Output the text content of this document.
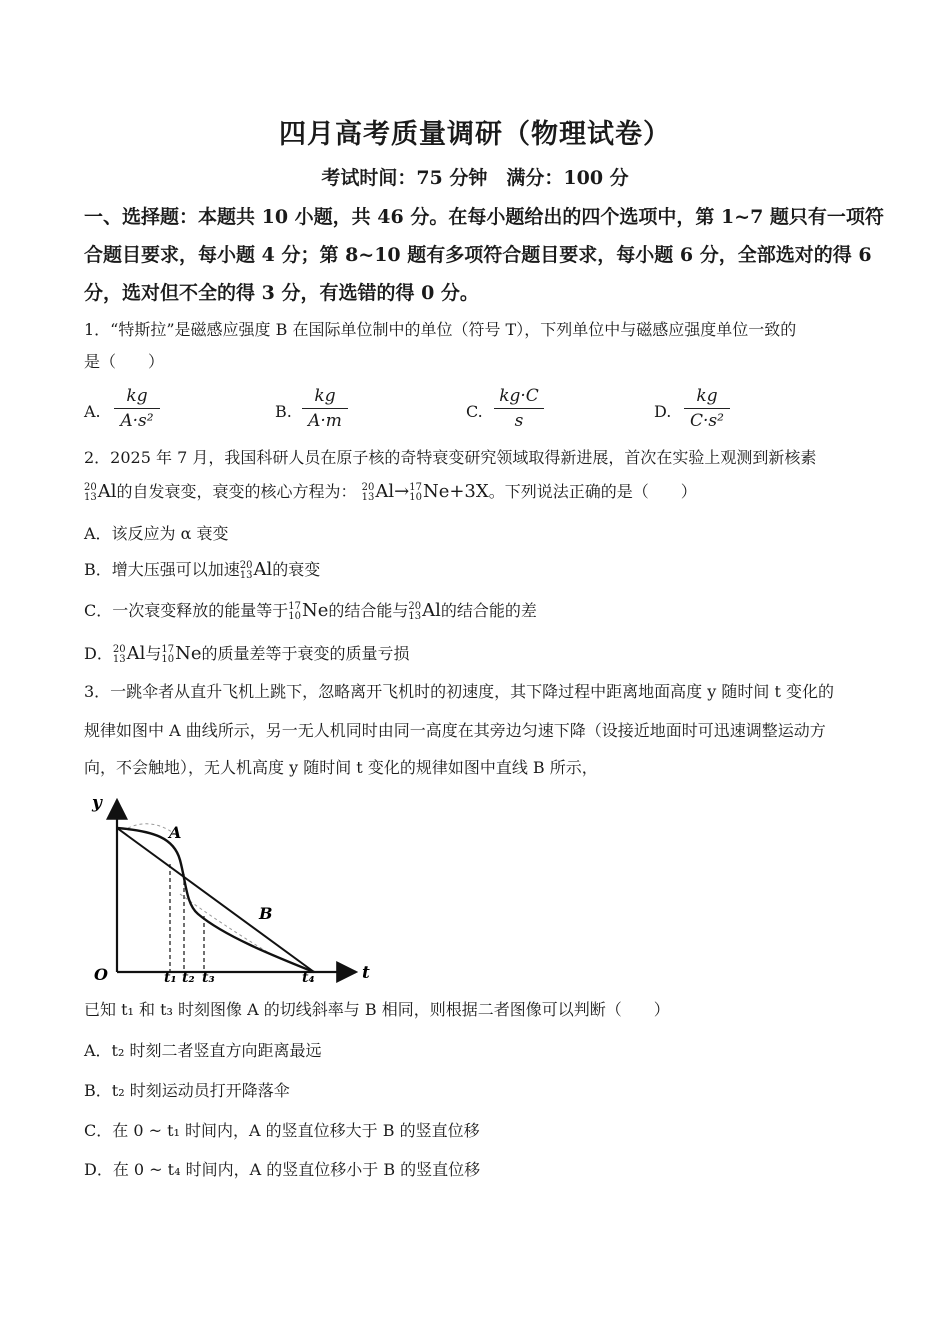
四月高考质量调研（物理试卷）
考试时间：75 分钟　满分：100 分
一、选择题：本题共 10 小题，共 46 分。在每小题给出的四个选项中，第 1~7 题只有一项符
合题目要求，每小题 4 分；第 8~10 题有多项符合题目要求，每小题 6 分，全部选对的得 6
分，选对但不全的得 3 分，有选错的得 0 分。
1．“特斯拉”是磁感应强度 B 在国际单位制中的单位（符号 T），下列单位中与磁感应强度单位一致的
是（　　）
A. $\frac{kg}{\text{A·s²}}$	B. $\frac{kg}{A\cdot m}$	C. $\frac{kg\cdot C}{s}$	D. $\frac{kg}{\text{C·s²}}$
2．2025 年 7 月，我国科研人员在原子核的奇特衰变研究领域取得新进展，首次在实验上观测到新核素
20
13 Al的自发衰变，衰变的核心方程为： 20
13 Al→ 17
10 Ne+3X。下列说法正确的是（　　）
A．该反应为 α 衰变
B．增大压强可以加速 20
13 Al的衰变
C．一次衰变释放的能量等于 17
10 Ne的结合能与 20
13 Al的结合能的差
D． 20
13 Al与 17
10 Ne的质量差等于衰变的质量亏损
3．一跳伞者从直升飞机上跳下，忽略离开飞机时的初速度，其下降过程中距离地面高度 y 随时间 t 变化的
规律如图中 A 曲线所示，另一无人机同时由同一高度在其旁边匀速下降（设接近地面时可迅速调整运动方
向，不会触地），无人机高度 y 随时间 t 变化的规律如图中直线 B 所示，
y
t
O
A
B
t₁ t₂ t₃	t₄
已知 t₁ 和 t₃ 时刻图像 A 的切线斜率与 B 相同，则根据二者图像可以判断（　　）
A．t₂ 时刻二者竖直方向距离最远
B．t₂ 时刻运动员打开降落伞
C．在 0 ~ t₁ 时间内，A 的竖直位移大于 B 的竖直位移
D．在 0 ~ t₄ 时间内，A 的竖直位移小于 B 的竖直位移
